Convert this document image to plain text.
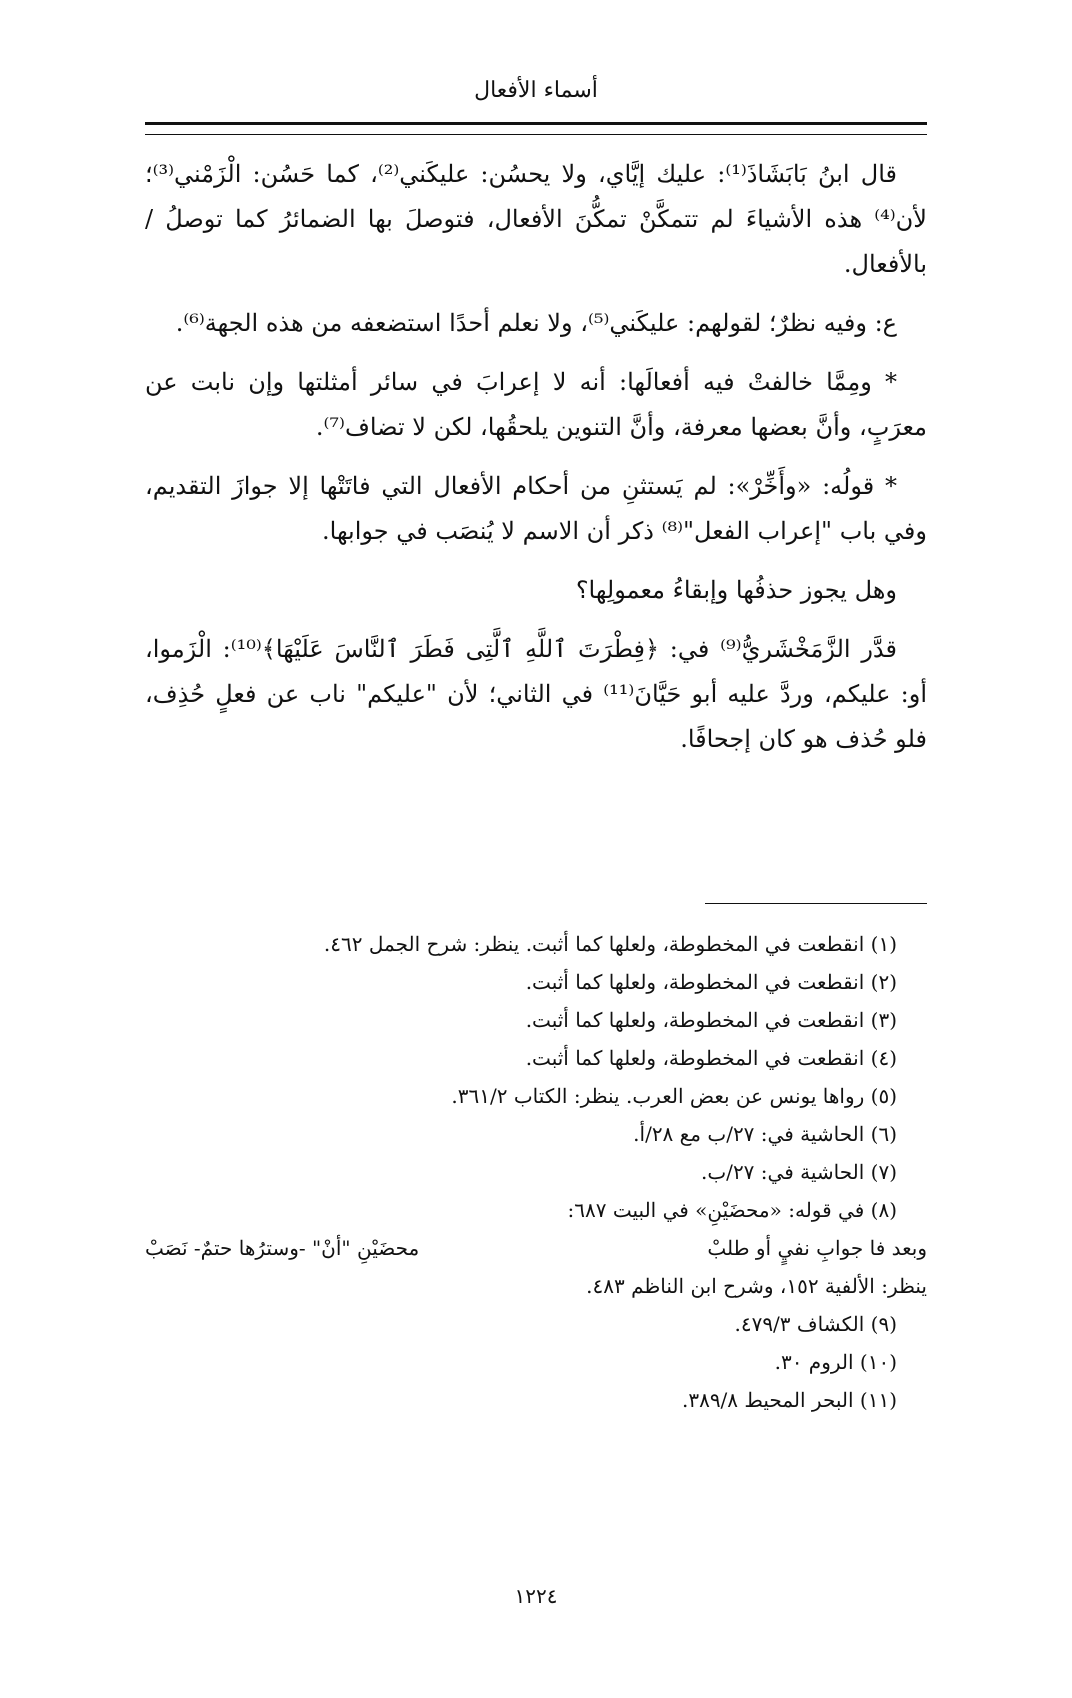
أسماء الأفعال

قال ابنُ بَابَشَاذَ⁽¹⁾: عليك إيَّاي، ولا يحسُن: عليكَني⁽²⁾، كما حَسُن: الْزَمْني⁽³⁾؛ لأن⁽⁴⁾ هذه الأشياءَ لم تتمكَّنْ تمكُّنَ الأفعال، فتوصلَ بها الضمائرُ كما توصلُ / بالأفعال.

ع: وفيه نظرٌ؛ لقولهم: عليكَني⁽⁵⁾، ولا نعلم أحدًا استضعفه من هذه الجهة⁽⁶⁾.

* ومِمَّا خالفتْ فيه أفعالَها: أنه لا إعرابَ في سائر أمثلتها وإن نابت عن معرَبٍ، وأنَّ بعضها معرفة، وأنَّ التنوين يلحقُها، لكن لا تضاف⁽⁷⁾.

* قولُه: «وأَخِّرْ»: لم يَستثنِ من أحكام الأفعال التي فاتَتْها إلا جوازَ التقديم، وفي باب "إعراب الفعل"⁽⁸⁾ ذكر أن الاسم لا يُنصَب في جوابها.

وهل يجوز حذفُها وإبقاءُ معمولِها؟

قدَّر الزَّمَخْشَريُّ⁽⁹⁾ في: ﴿فِطْرَتَ ٱللَّهِ ٱلَّتِى فَطَرَ ٱلنَّاسَ عَلَيْهَا﴾⁽¹⁰⁾: الْزَموا، أو: عليكم، وردَّ عليه أبو حَيَّانَ⁽¹¹⁾ في الثاني؛ لأن "عليكم" ناب عن فعلٍ حُذِف، فلو حُذف هو كان إجحافًا.

(١) انقطعت في المخطوطة، ولعلها كما أثبت. ينظر: شرح الجمل ٤٦٢.

(٢) انقطعت في المخطوطة، ولعلها كما أثبت.

(٣) انقطعت في المخطوطة، ولعلها كما أثبت.

(٤) انقطعت في المخطوطة، ولعلها كما أثبت.

(٥) رواها يونس عن بعض العرب. ينظر: الكتاب ٣٦١/٢.

(٦) الحاشية في: ٢٧/ب مع ٢٨/أ.

(٧) الحاشية في: ٢٧/ب.

(٨) في قوله: «محضَيْنِ» في البيت ٦٨٧:

وبعد فا جوابِ نفيٍ أو طلبْ
محضَيْنِ "أنْ" -وسترُها حتمٌ- نَصَبْ

ينظر: الألفية ١٥٢، وشرح ابن الناظم ٤٨٣.

(٩) الكشاف ٤٧٩/٣.

(١٠) الروم ٣٠.

(١١) البحر المحيط ٣٨٩/٨.

١٢٢٤
